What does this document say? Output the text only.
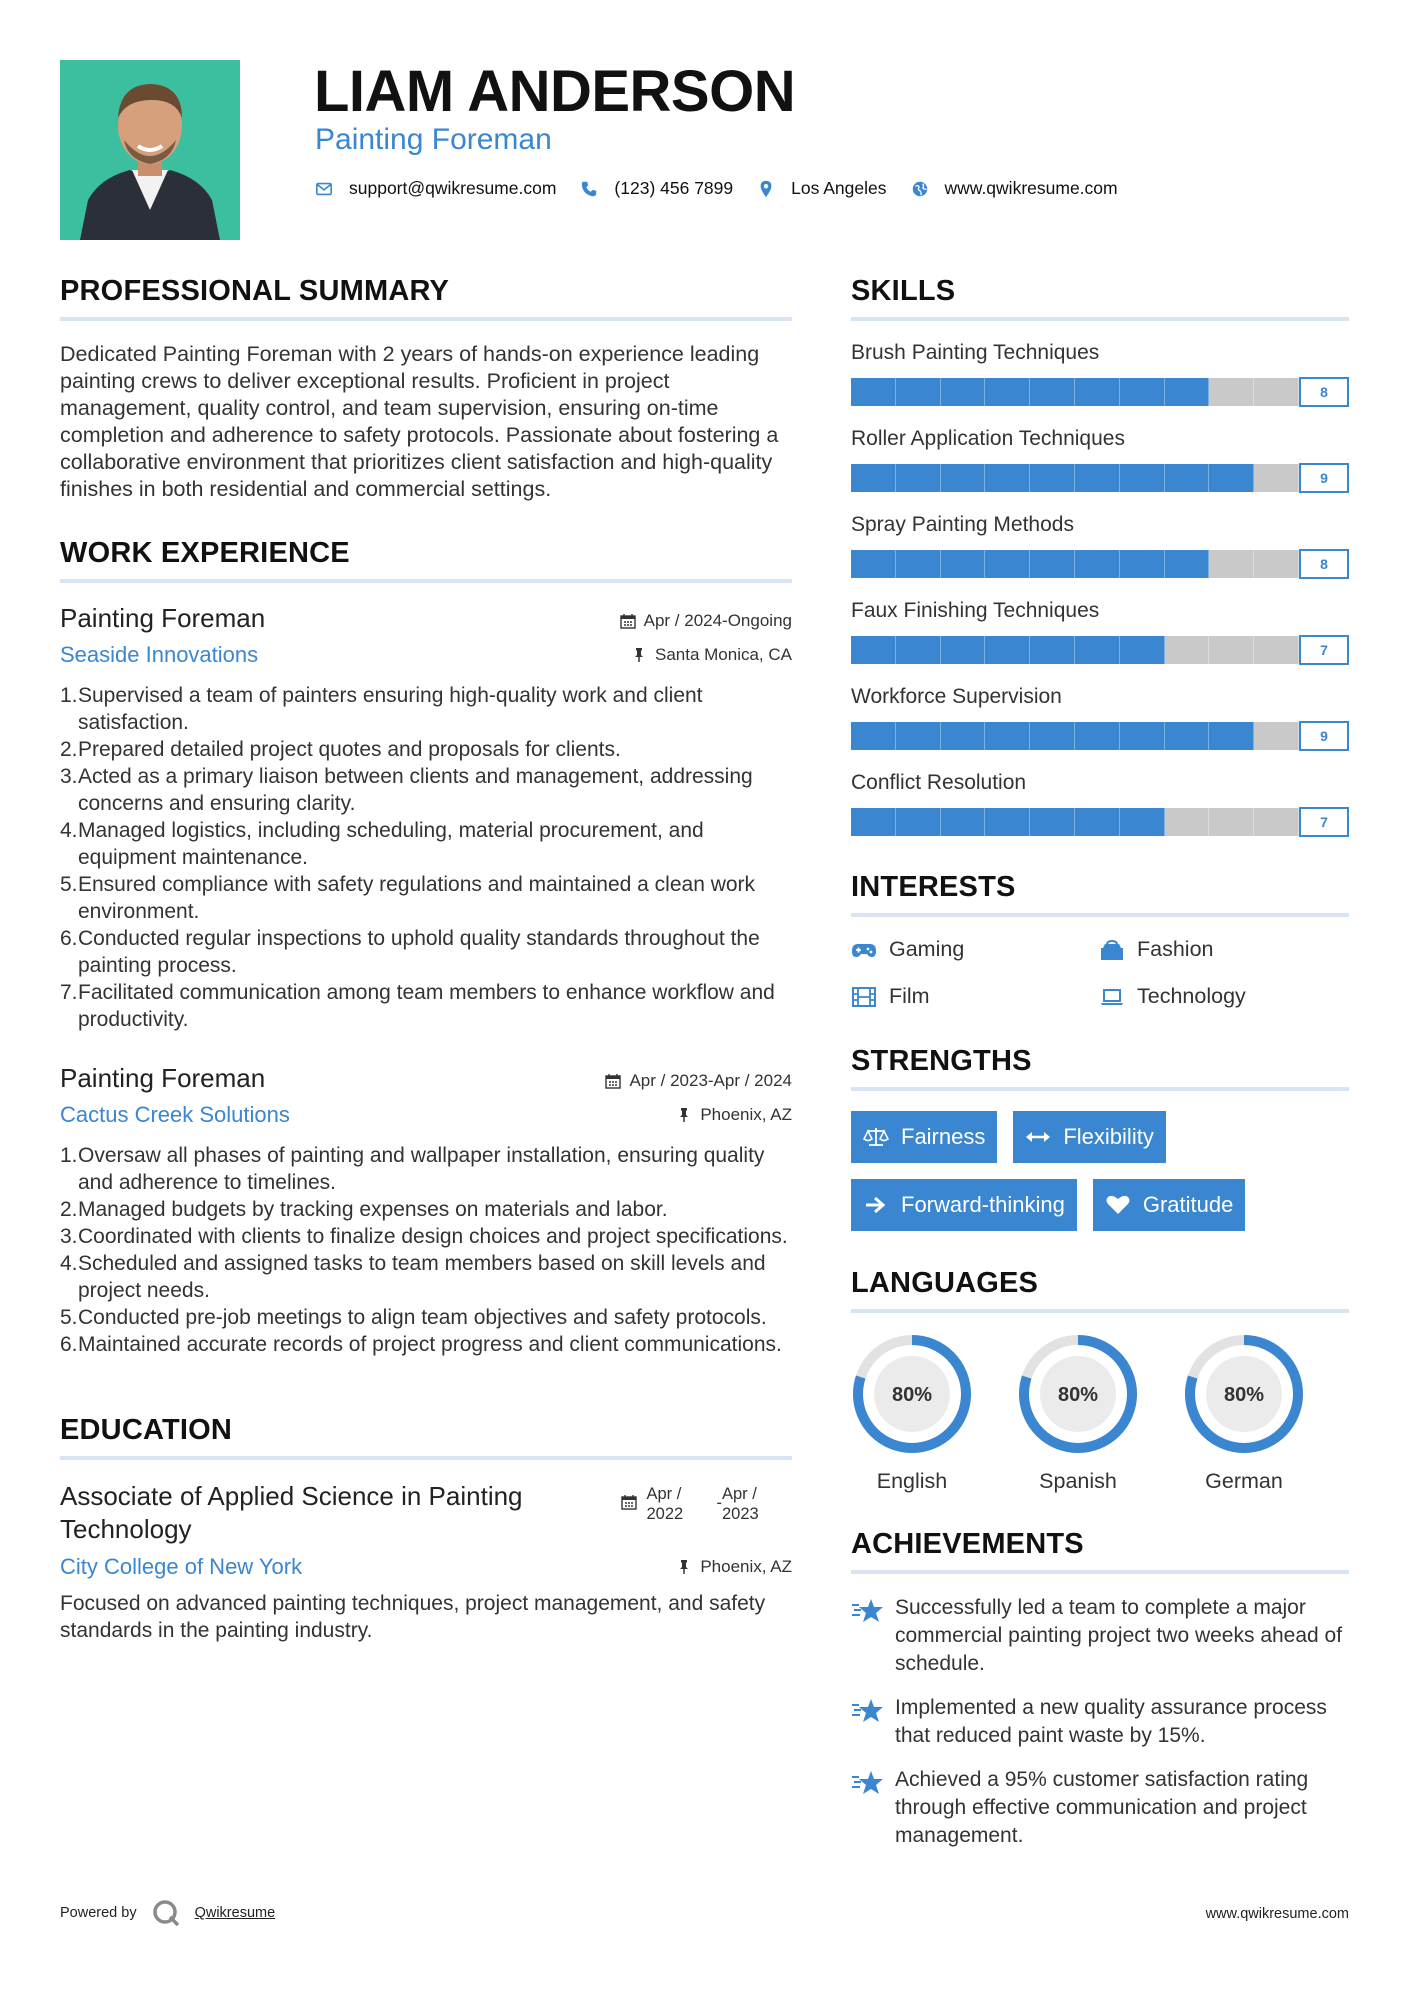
LIAM ANDERSON
Painting Foreman
support@qwikresume.com	(123) 456 7899	Los Angeles	www.qwikresume.com
PROFESSIONAL SUMMARY

Dedicated Painting Foreman with 2 years of hands-on experience leading painting crews to deliver exceptional results. Proficient in project management, quality control, and team supervision, ensuring on-time completion and adherence to safety protocols. Passionate about fostering a collaborative environment that prioritizes client satisfaction and high-quality finishes in both residential and commercial settings.

WORK EXPERIENCE
Painting Foreman	Apr / 2024-Ongoing
Seaside Innovations	Santa Monica, CA
1. Supervised a team of painters ensuring high-quality work and client satisfaction.
2. Prepared detailed project quotes and proposals for clients.
3. Acted as a primary liaison between clients and management, addressing concerns and ensuring clarity.
4. Managed logistics, including scheduling, material procurement, and equipment maintenance.
5. Ensured compliance with safety regulations and maintained a clean work environment.
6. Conducted regular inspections to uphold quality standards throughout the painting process.
7. Facilitated communication among team members to enhance workflow and productivity.
Painting Foreman	Apr / 2023-Apr / 2024
Cactus Creek Solutions	Phoenix, AZ
1. Oversaw all phases of painting and wallpaper installation, ensuring quality and adherence to timelines.
2. Managed budgets by tracking expenses on materials and labor.
3. Coordinated with clients to finalize design choices and project specifications.
4. Scheduled and assigned tasks to team members based on skill levels and project needs.
5. Conducted pre-job meetings to align team objectives and safety protocols.
6. Maintained accurate records of project progress and client communications.
EDUCATION
Associate of Applied Science in Painting Technology
Apr / 2022
- Apr / 2023
City College of New York	Phoenix, AZ

Focused on advanced painting techniques, project management, and safety standards in the painting industry.

SKILLS
Brush Painting Techniques
8
Roller Application Techniques
9
Spray Painting Methods
8
Faux Finishing Techniques
7
Workforce Supervision
9
Conflict Resolution
7
INTERESTS
Gaming	Fashion
Film	Technology
STRENGTHS
Fairness	Flexibility
Forward-thinking	Gratitude
LANGUAGES
80%
English
80%
Spanish
80%
German
ACHIEVEMENTS
Successfully led a team to complete a major commercial painting project two weeks ahead of schedule.
Implemented a new quality assurance process that reduced paint waste by 15%.
Achieved a 95% customer satisfaction rating through effective communication and project management.
Powered by	Qwikresume	www.qwikresume.com
